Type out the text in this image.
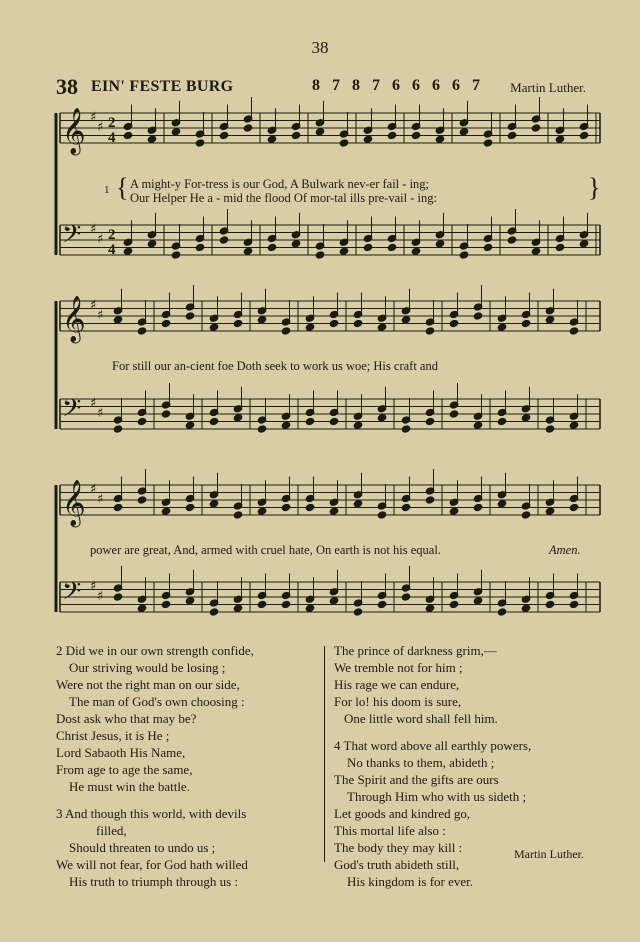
38
38 EIN' FESTE BURG	8 7 8 7 6 6 6 6 7 Martin Luther.
𝄞 ♯
♯ 2
4
𝄢 ♯
♯ 2
4
𝄞 ♯
♯
𝄢 ♯
♯
𝄞 ♯
♯
𝄢 ♯
♯
1 { A might-y For-tress is our God, A Bulwark nev-er fail - ing;
Our Helper He a - mid the flood Of mor-tal ills pre-vail - ing:	}
For still our an-cient foe Doth seek to work us woe; His craft and
power are great, And, armed with cruel hate, On earth is not his equal.	Amen.
2 Did we in our own strength confide,
Our striving would be losing ;
Were not the right man on our side,
The man of God's own choosing :
Dost ask who that may be?
Christ Jesus, it is He ;
Lord Sabaoth His Name,
From age to age the same,
He must win the battle.
3 And though this world, with devils
filled,
Should threaten to undo us ;
We will not fear, for God hath willed
His truth to triumph through us :
The prince of darkness grim,—
We tremble not for him ;
His rage we can endure,
For lo! his doom is sure,
One little word shall fell him.
4 That word above all earthly powers,
No thanks to them, abideth ;
The Spirit and the gifts are ours
Through Him who with us sideth ;
Let goods and kindred go,
This mortal life also :
The body they may kill :
God's truth abideth still,
His kingdom is for ever.
Martin Luther.
